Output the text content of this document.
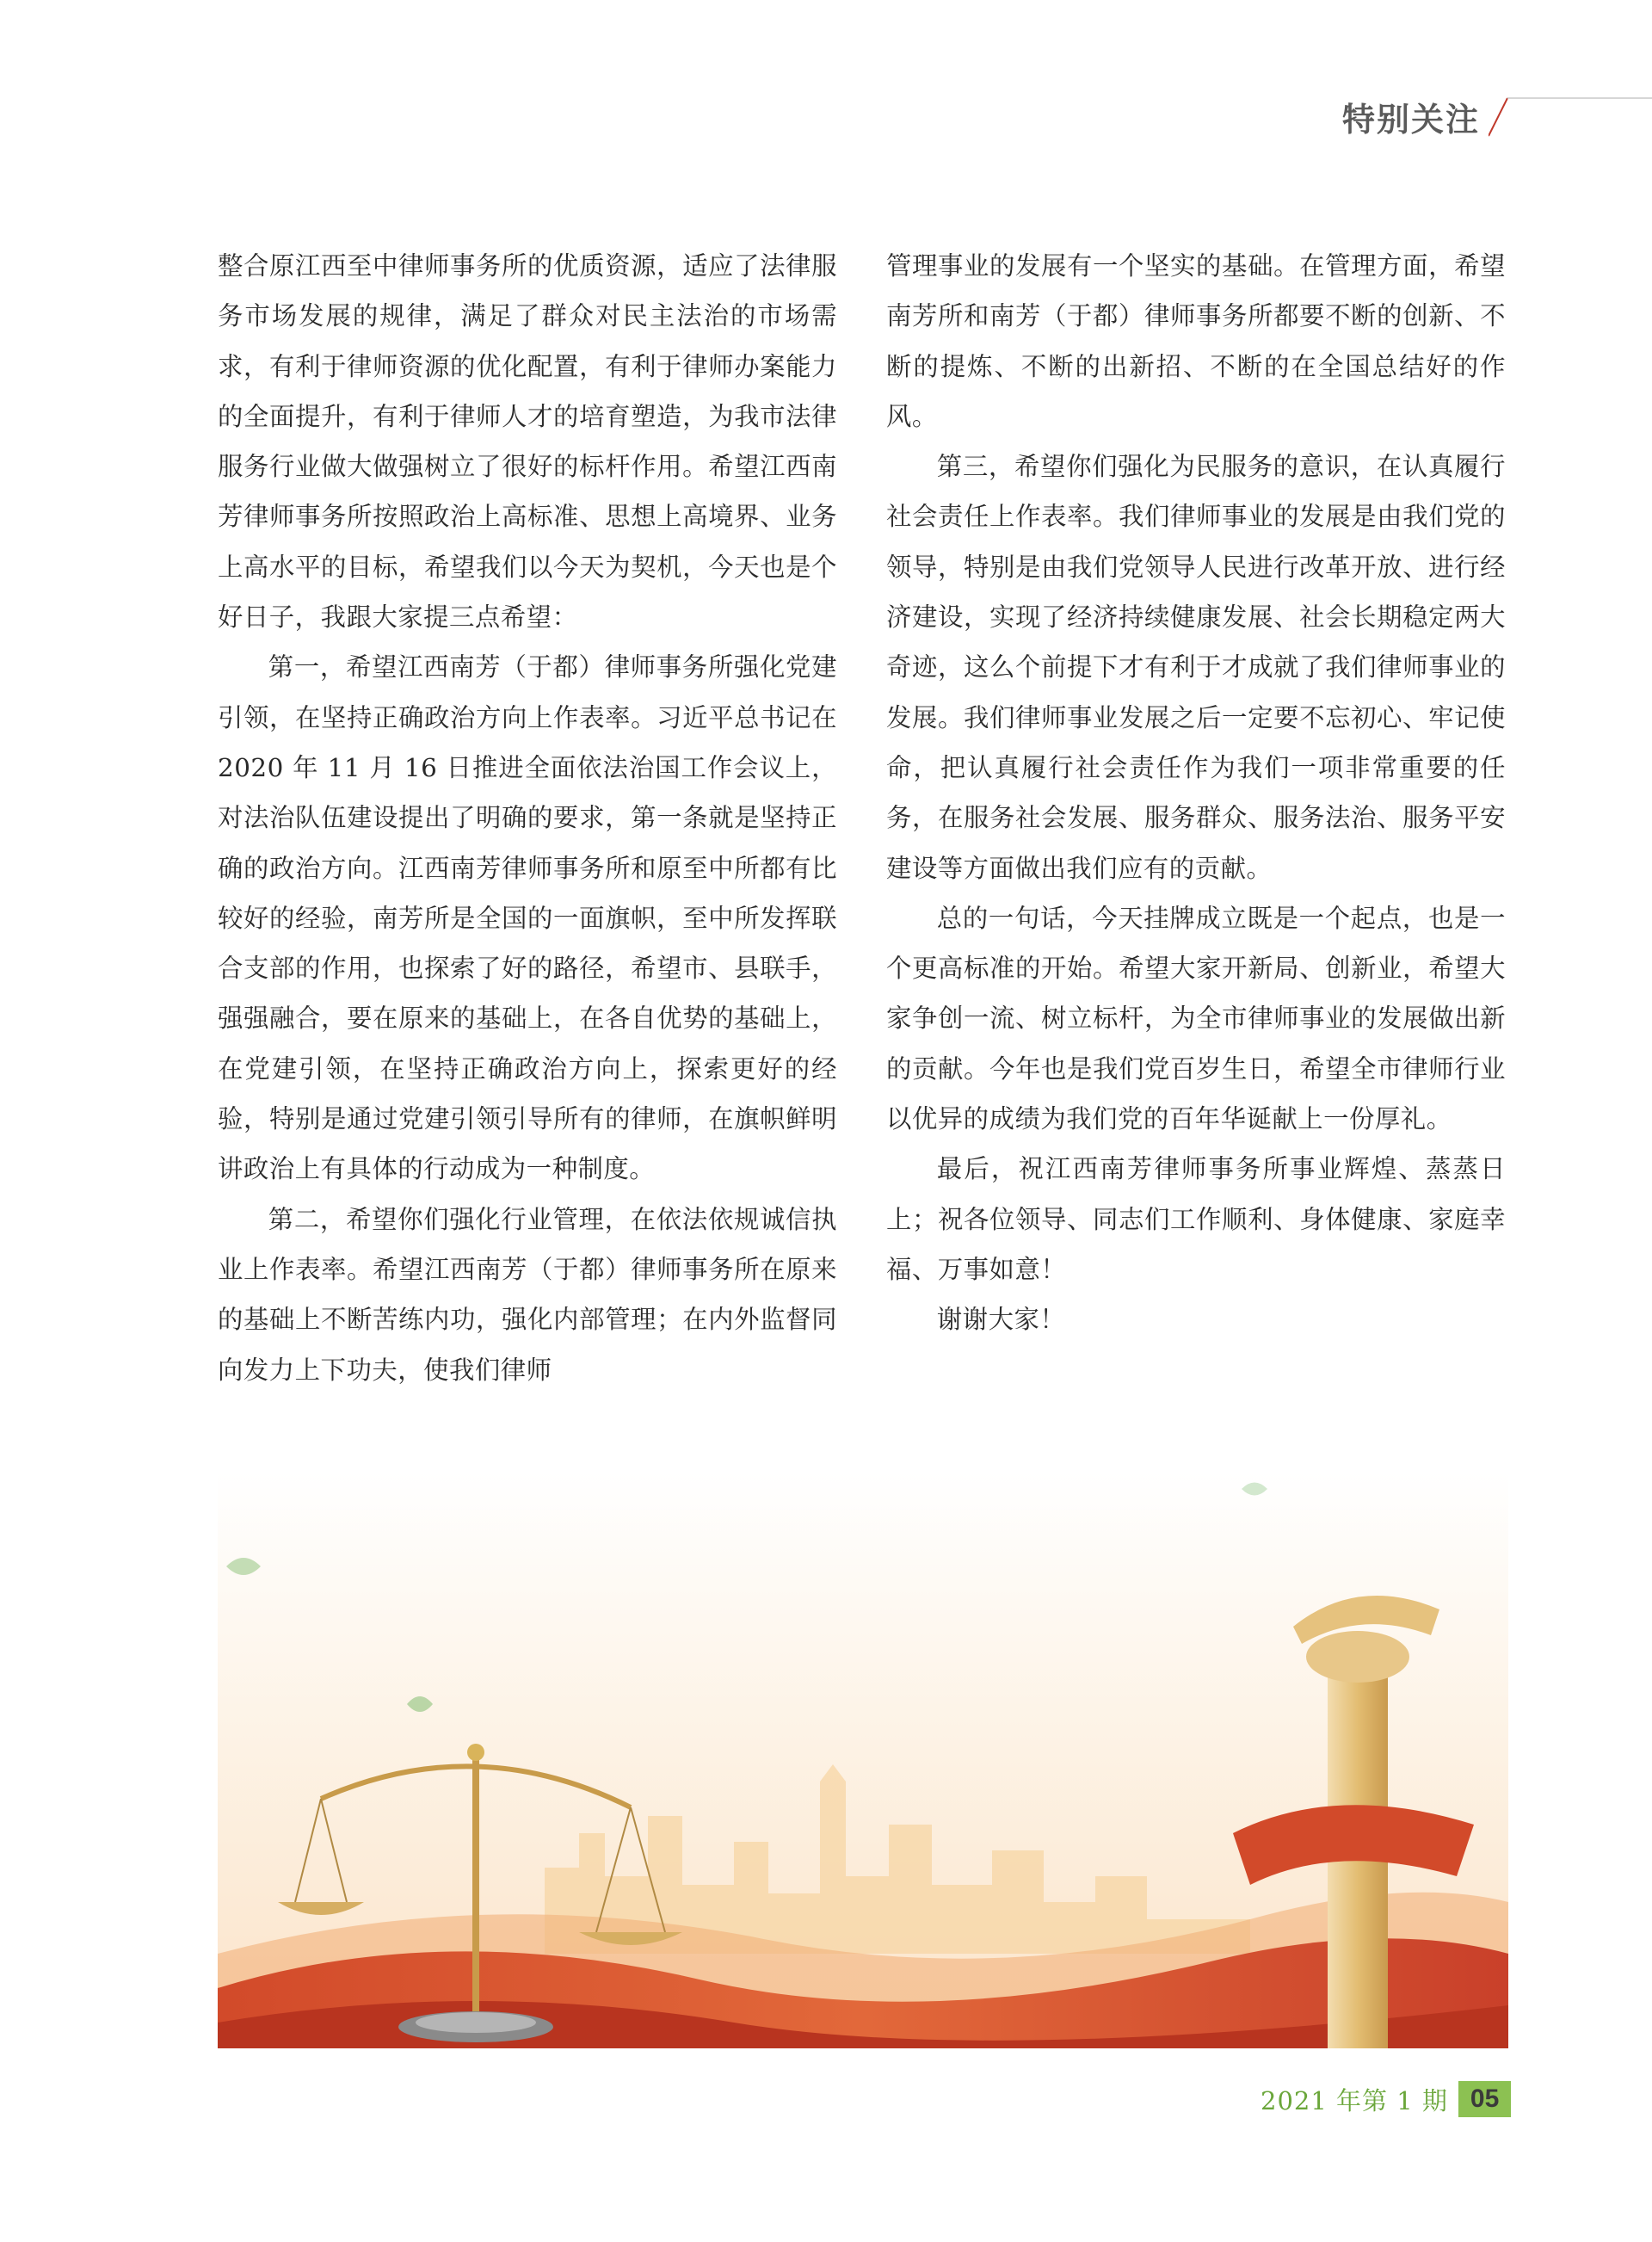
特别关注

整合原江西至中律师事务所的优质资源，适应了法律服务市场发展的规律，满足了群众对民主法治的市场需求，有利于律师资源的优化配置，有利于律师办案能力的全面提升，有利于律师人才的培育塑造，为我市法律服务行业做大做强树立了很好的标杆作用。希望江西南芳律师事务所按照政治上高标准、思想上高境界、业务上高水平的目标，希望我们以今天为契机，今天也是个好日子，我跟大家提三点希望：

第一，希望江西南芳（于都）律师事务所强化党建引领，在坚持正确政治方向上作表率。习近平总书记在 2020 年 11 月 16 日推进全面依法治国工作会议上，对法治队伍建设提出了明确的要求，第一条就是坚持正确的政治方向。江西南芳律师事务所和原至中所都有比较好的经验，南芳所是全国的一面旗帜，至中所发挥联合支部的作用，也探索了好的路径，希望市、县联手，强强融合，要在原来的基础上，在各自优势的基础上，在党建引领，在坚持正确政治方向上，探索更好的经验，特别是通过党建引领引导所有的律师，在旗帜鲜明讲政治上有具体的行动成为一种制度。

第二，希望你们强化行业管理，在依法依规诚信执业上作表率。希望江西南芳（于都）律师事务所在原来的基础上不断苦练内功，强化内部管理；在内外监督同向发力上下功夫，使我们律师

管理事业的发展有一个坚实的基础。在管理方面，希望南芳所和南芳（于都）律师事务所都要不断的创新、不断的提炼、不断的出新招、不断的在全国总结好的作风。

第三，希望你们强化为民服务的意识，在认真履行社会责任上作表率。我们律师事业的发展是由我们党的领导，特别是由我们党领导人民进行改革开放、进行经济建设，实现了经济持续健康发展、社会长期稳定两大奇迹，这么个前提下才有利于才成就了我们律师事业的发展。我们律师事业发展之后一定要不忘初心、牢记使命，把认真履行社会责任作为我们一项非常重要的任务，在服务社会发展、服务群众、服务法治、服务平安建设等方面做出我们应有的贡献。

总的一句话，今天挂牌成立既是一个起点，也是一个更高标准的开始。希望大家开新局、创新业，希望大家争创一流、树立标杆，为全市律师事业的发展做出新的贡献。今年也是我们党百岁生日，希望全市律师行业以优异的成绩为我们党的百年华诞献上一份厚礼。

最后，祝江西南芳律师事务所事业辉煌、蒸蒸日上；祝各位领导、同志们工作顺利、身体健康、家庭幸福、万事如意！

谢谢大家！

2021 年第 1 期 05
